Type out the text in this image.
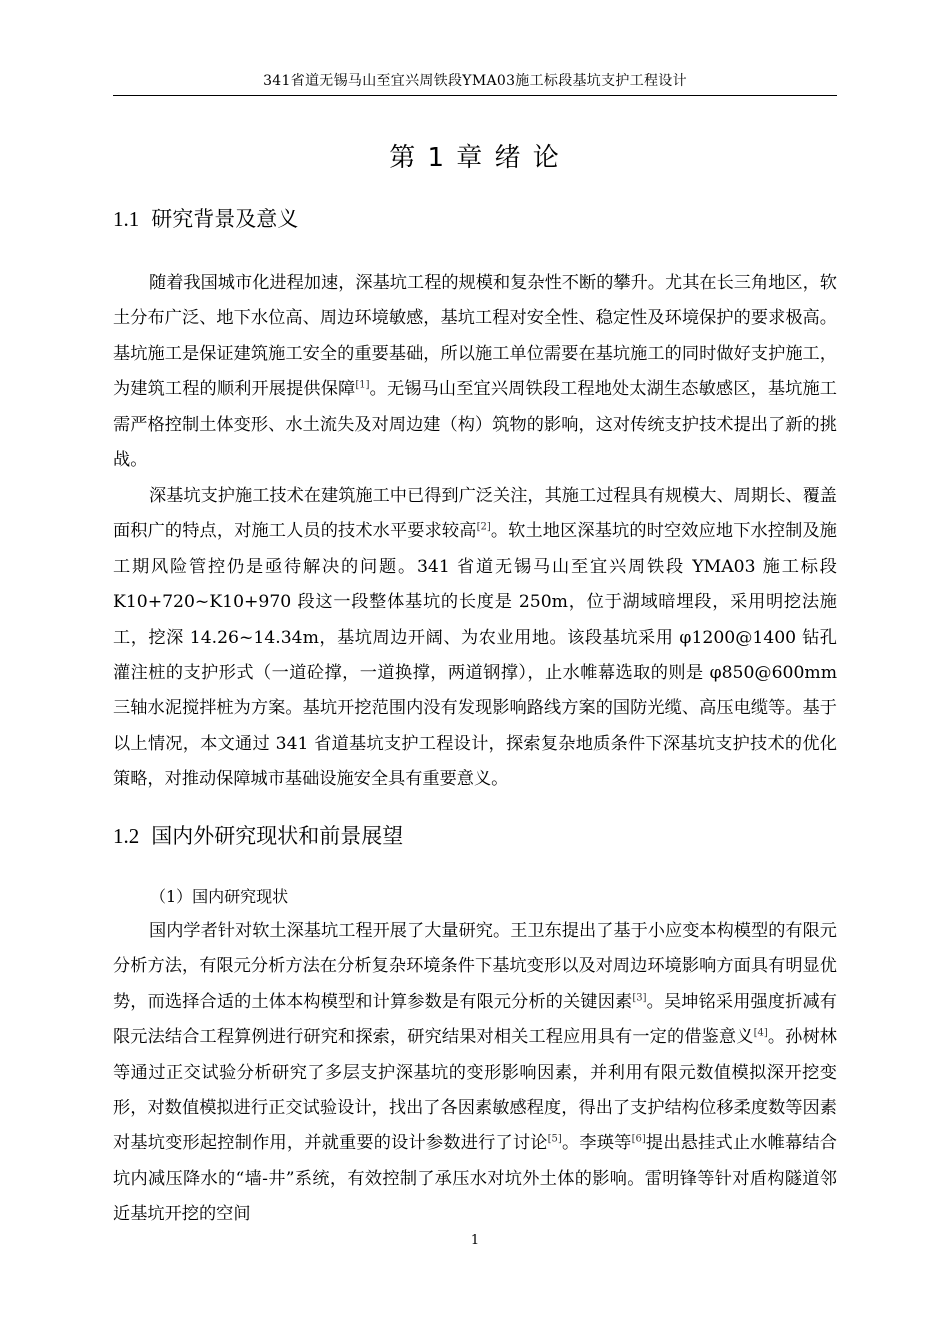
341省道无锡马山至宜兴周铁段YMA03施工标段基坑支护工程设计
第 1 章 绪 论
1.1 研究背景及意义

随着我国城市化进程加速，深基坑工程的规模和复杂性不断的攀升。尤其在长三角地区，软土分布广泛、地下水位高、周边环境敏感，基坑工程对安全性、稳定性及环境保护的要求极高。基坑施工是保证建筑施工安全的重要基础，所以施工单位需要在基坑施工的同时做好支护施工，为建筑工程的顺利开展提供保障[1]。无锡马山至宜兴周铁段工程地处太湖生态敏感区，基坑施工需严格控制土体变形、水土流失及对周边建（构）筑物的影响，这对传统支护技术提出了新的挑战。

深基坑支护施工技术在建筑施工中已得到广泛关注，其施工过程具有规模大、周期长、覆盖面积广的特点，对施工人员的技术水平要求较高[2]。软土地区深基坑的时空效应地下水控制及施工期风险管控仍是亟待解决的问题。341 省道无锡马山至宜兴周铁段 YMA03 施工标段 K10+720~K10+970 段这一段整体基坑的长度是 250m，位于湖域暗埋段，采用明挖法施工，挖深 14.26~14.34m，基坑周边开阔、为农业用地。该段基坑采用 φ1200@1400 钻孔灌注桩的支护形式（一道砼撑，一道换撑，两道钢撑），止水帷幕选取的则是 φ850@600mm 三轴水泥搅拌桩为方案。基坑开挖范围内没有发现影响路线方案的国防光缆、高压电缆等。基于以上情况，本文通过 341 省道基坑支护工程设计，探索复杂地质条件下深基坑支护技术的优化策略，对推动保障城市基础设施安全具有重要意义。

1.2 国内外研究现状和前景展望
（1）国内研究现状

国内学者针对软土深基坑工程开展了大量研究。王卫东提出了基于小应变本构模型的有限元分析方法，有限元分析方法在分析复杂环境条件下基坑变形以及对周边环境影响方面具有明显优势，而选择合适的土体本构模型和计算参数是有限元分析的关键因素[3]。吴坤铭采用强度折减有限元法结合工程算例进行研究和探索，研究结果对相关工程应用具有一定的借鉴意义[4]。孙树林等通过正交试验分析研究了多层支护深基坑的变形影响因素，并利用有限元数值模拟深开挖变形，对数值模拟进行正交试验设计，找出了各因素敏感程度，得出了支护结构位移柔度数等因素对基坑变形起控制作用，并就重要的设计参数进行了讨论[5]。李瑛等[6]提出悬挂式止水帷幕结合坑内减压降水的“墙-井”系统，有效控制了承压水对坑外土体的影响。雷明锋等针对盾构隧道邻近基坑开挖的空间

1
